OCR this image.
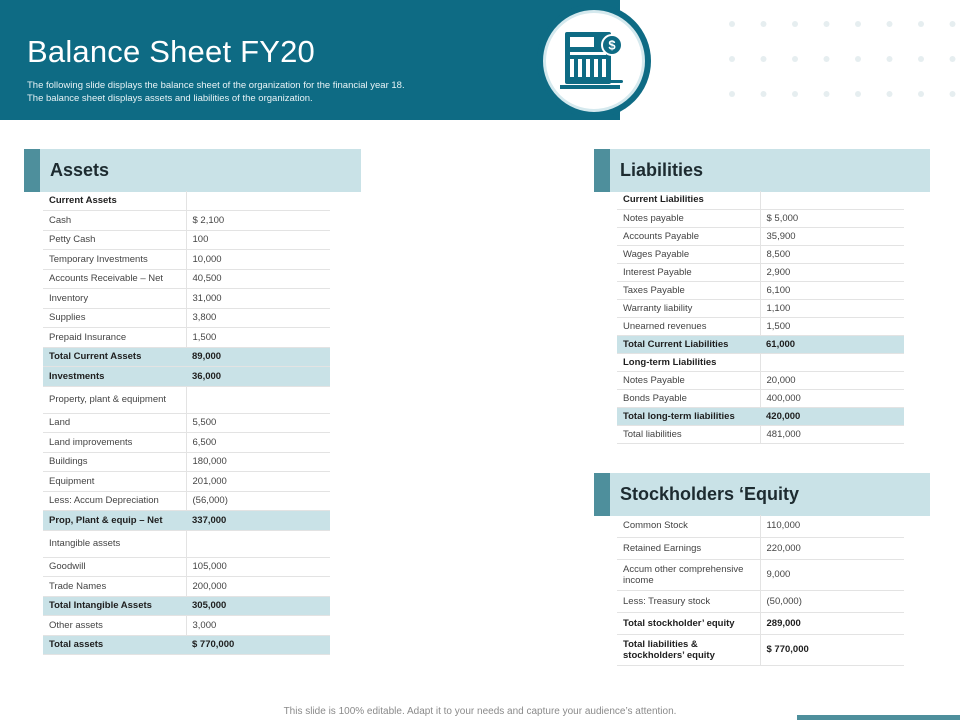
Balance Sheet FY20
The following slide displays the balance sheet of the organization for the financial year 18. The balance sheet displays assets and liabilities of the organization.
$
Assets
Current Assets	
Cash	$ 2,100
Petty Cash	100
Temporary Investments	10,000
Accounts Receivable – Net	40,500
Inventory	31,000
Supplies	3,800
Prepaid Insurance	1,500
Total Current Assets	89,000
Investments	36,000
Property, plant & equipment	
Land	5,500
Land improvements	6,500
Buildings	180,000
Equipment	201,000
Less: Accum Depreciation	(56,000)
Prop, Plant & equip – Net	337,000
Intangible assets	
Goodwill	105,000
Trade Names	200,000
Total Intangible Assets	305,000
Other assets	3,000
Total assets	$ 770,000
Liabilities
Current Liabilities	
Notes payable	$ 5,000
Accounts Payable	35,900
Wages Payable	8,500
Interest Payable	2,900
Taxes Payable	6,100
Warranty liability	1,100
Unearned revenues	1,500
Total Current Liabilities	61,000
Long-term Liabilities	
Notes Payable	20,000
Bonds Payable	400,000
Total long-term liabilities	420,000
Total liabilities	481,000
Stockholders ‘Equity
Common Stock	110,000
Retained Earnings	220,000
Accum other comprehensive income	9,000
Less: Treasury stock	(50,000)
Total stockholder’ equity	289,000
Total liabilities & stockholders’ equity	$ 770,000
This slide is 100% editable. Adapt it to your needs and capture your audience’s attention.
